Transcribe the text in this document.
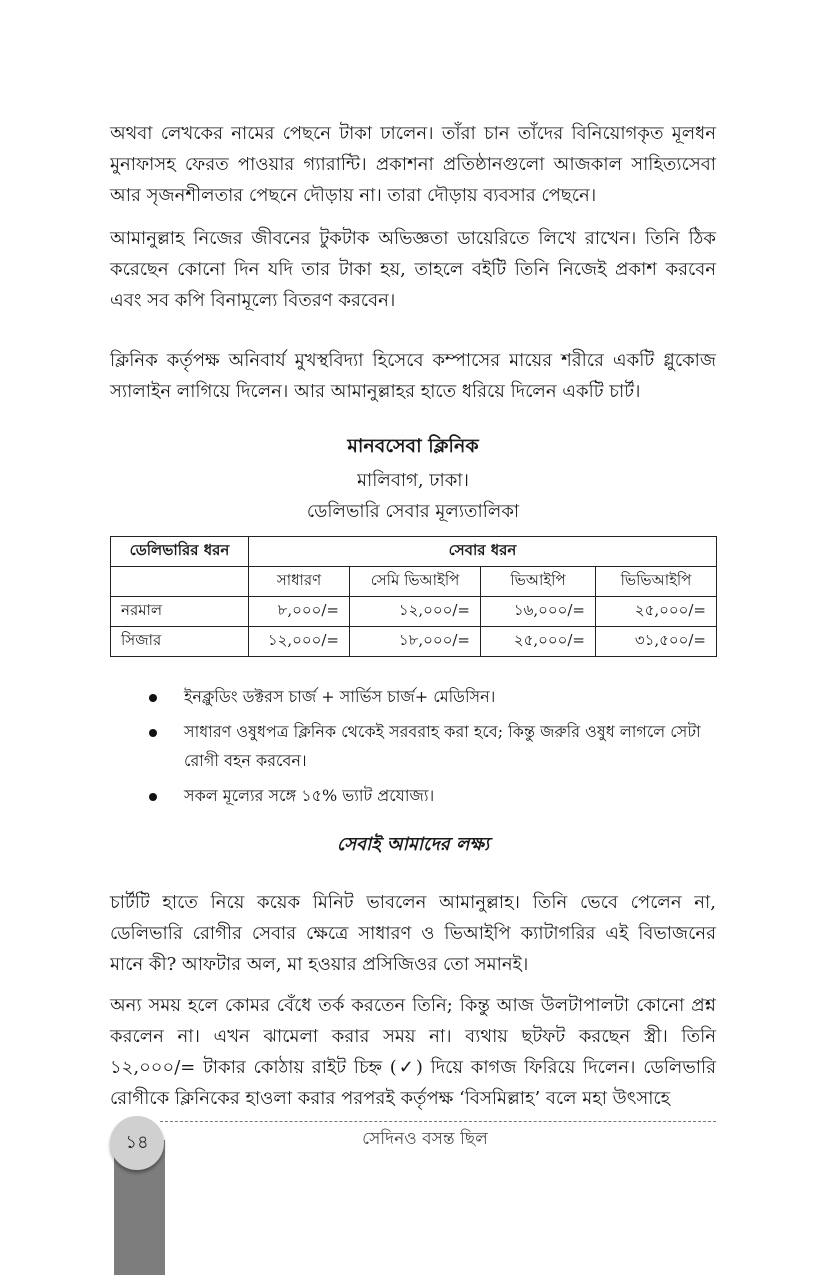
অথবা লেখকের নামের পেছনে টাকা ঢালেন। তাঁরা চান তাঁদের বিনিয়োগকৃত মূলধন মুনাফাসহ ফেরত পাওয়ার গ্যারান্টি। প্রকাশনা প্রতিষ্ঠানগুলো আজকাল সাহিত্যসেবা আর সৃজনশীলতার পেছনে দৌড়ায় না। তারা দৌড়ায় ব্যবসার পেছনে।

আমানুল্লাহ নিজের জীবনের টুকটাক অভিজ্ঞতা ডায়েরিতে লিখে রাখেন। তিনি ঠিক করেছেন কোনো দিন যদি তার টাকা হয়, তাহলে বইটি তিনি নিজেই প্রকাশ করবেন এবং সব কপি বিনামূল্যে বিতরণ করবেন।

ক্লিনিক কর্তৃপক্ষ অনিবার্য মুখস্থবিদ্যা হিসেবে কম্পাসের মায়ের শরীরে একটি গ্লুকোজ স্যালাইন লাগিয়ে দিলেন। আর আমানুল্লাহর হাতে ধরিয়ে দিলেন একটি চার্ট।

মানবসেবা ক্লিনিক
মালিবাগ, ঢাকা।
ডেলিভারি সেবার মূল্যতালিকা
ডেলিভারির ধরন	সেবার ধরন			
	সাধারণ	সেমি ভিআইপি	ভিআইপি	ভিভিআইপি
নরমাল	৮,০০০/=	১২,০০০/=	১৬,০০০/=	২৫,০০০/=
সিজার	১২,০০০/=	১৮,০০০/=	২৫,০০০/=	৩১,৫০০/=
ইনক্লুডিং ডক্টরস চার্জ + সার্ভিস চার্জ+ মেডিসিন।
সাধারণ ওষুধপত্র ক্লিনিক থেকেই সরবরাহ করা হবে; কিন্তু জরুরি ওষুধ লাগলে সেটা রোগী বহন করবেন।
সকল মূল্যের সঙ্গে ১৫% ভ্যাট প্রযোজ্য।
সেবাই আমাদের লক্ষ্য

চার্টটি হাতে নিয়ে কয়েক মিনিট ভাবলেন আমানুল্লাহ। তিনি ভেবে পেলেন না, ডেলিভারি রোগীর সেবার ক্ষেত্রে সাধারণ ও ভিআইপি ক্যাটাগরির এই বিভাজনের মানে কী? আফটার অল, মা হওয়ার প্রসিজিওর তো সমানই।

অন্য সময় হলে কোমর বেঁধে তর্ক করতেন তিনি; কিন্তু আজ উলটাপালটা কোনো প্রশ্ন করলেন না। এখন ঝামেলা করার সময় না। ব্যথায় ছটফট করছেন স্ত্রী। তিনি ১২,০০০/= টাকার কোঠায় রাইট চিহ্ন (✓) দিয়ে কাগজ ফিরিয়ে দিলেন। ডেলিভারি রোগীকে ক্লিনিকের হাওলা করার পরপরই কর্তৃপক্ষ ‘বিসমিল্লাহ’ বলে মহা উৎসাহে

১৪	সেদিনও বসন্ত ছিল
